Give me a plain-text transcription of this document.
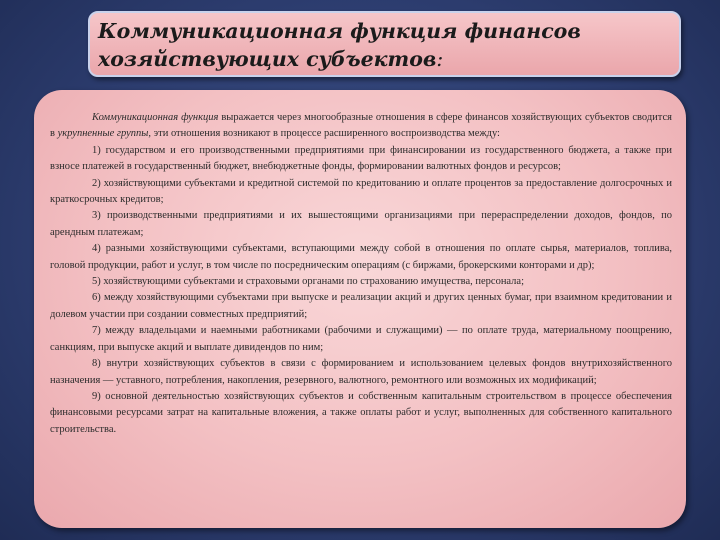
Коммуникационная функция финансов
хозяйствующих субъектов:

Коммуникационная функция выражается через многообразные отношения в сфере финансов хозяйствующих субъектов сводится в укрупненные группы, эти отношения возникают в процессе расширенного воспроизводства между:

1) государством и его производственными предприятиями при финансировании из государственного бюджета, а также при взносе платежей в государственный бюджет, внебюджетные фонды, формировании валютных фондов и ресурсов;

2) хозяйствующими субъектами и кредитной системой по кредитованию и оплате процентов за предоставление долгосрочных и краткосрочных кредитов;

3) производственными предприятиями и их вышестоящими организациями при перераспределении доходов, фондов, по арендным платежам;

4) разными хозяйствующими субъектами, вступающими между собой в отношения по оплате сырья, материалов, топлива, головой продукции, работ и услуг, в том числе по посредническим операциям (с биржами, брокерскими конторами и др);

5) хозяйствующими субъектами и страховыми органами по страхованию имущества, персонала;

6) между хозяйствующими субъектами при выпуске и реализации акций и других ценных бумаг, при взаимном кредитовании и долевом участии при создании совместных предприятий;

7) между владельцами и наемными работниками (рабочими и служащими) — по оплате труда, материальному поощрению, санкциям, при выпуске акций и выплате дивидендов по ним;

8) внутри хозяйствующих субъектов в связи с формированием и использованием целевых фондов внутрихозяйственного назначения — уставного, потребления, накопления, резервного, валютного, ремонтного или возможных их модификаций;

9) основной деятельностью хозяйствующих субъектов и собственным капитальным строительством в процессе обеспечения финансовыми ресурсами затрат на капитальные вложения, а также оплаты работ и услуг, выполненных для собственного капитального строительства.
